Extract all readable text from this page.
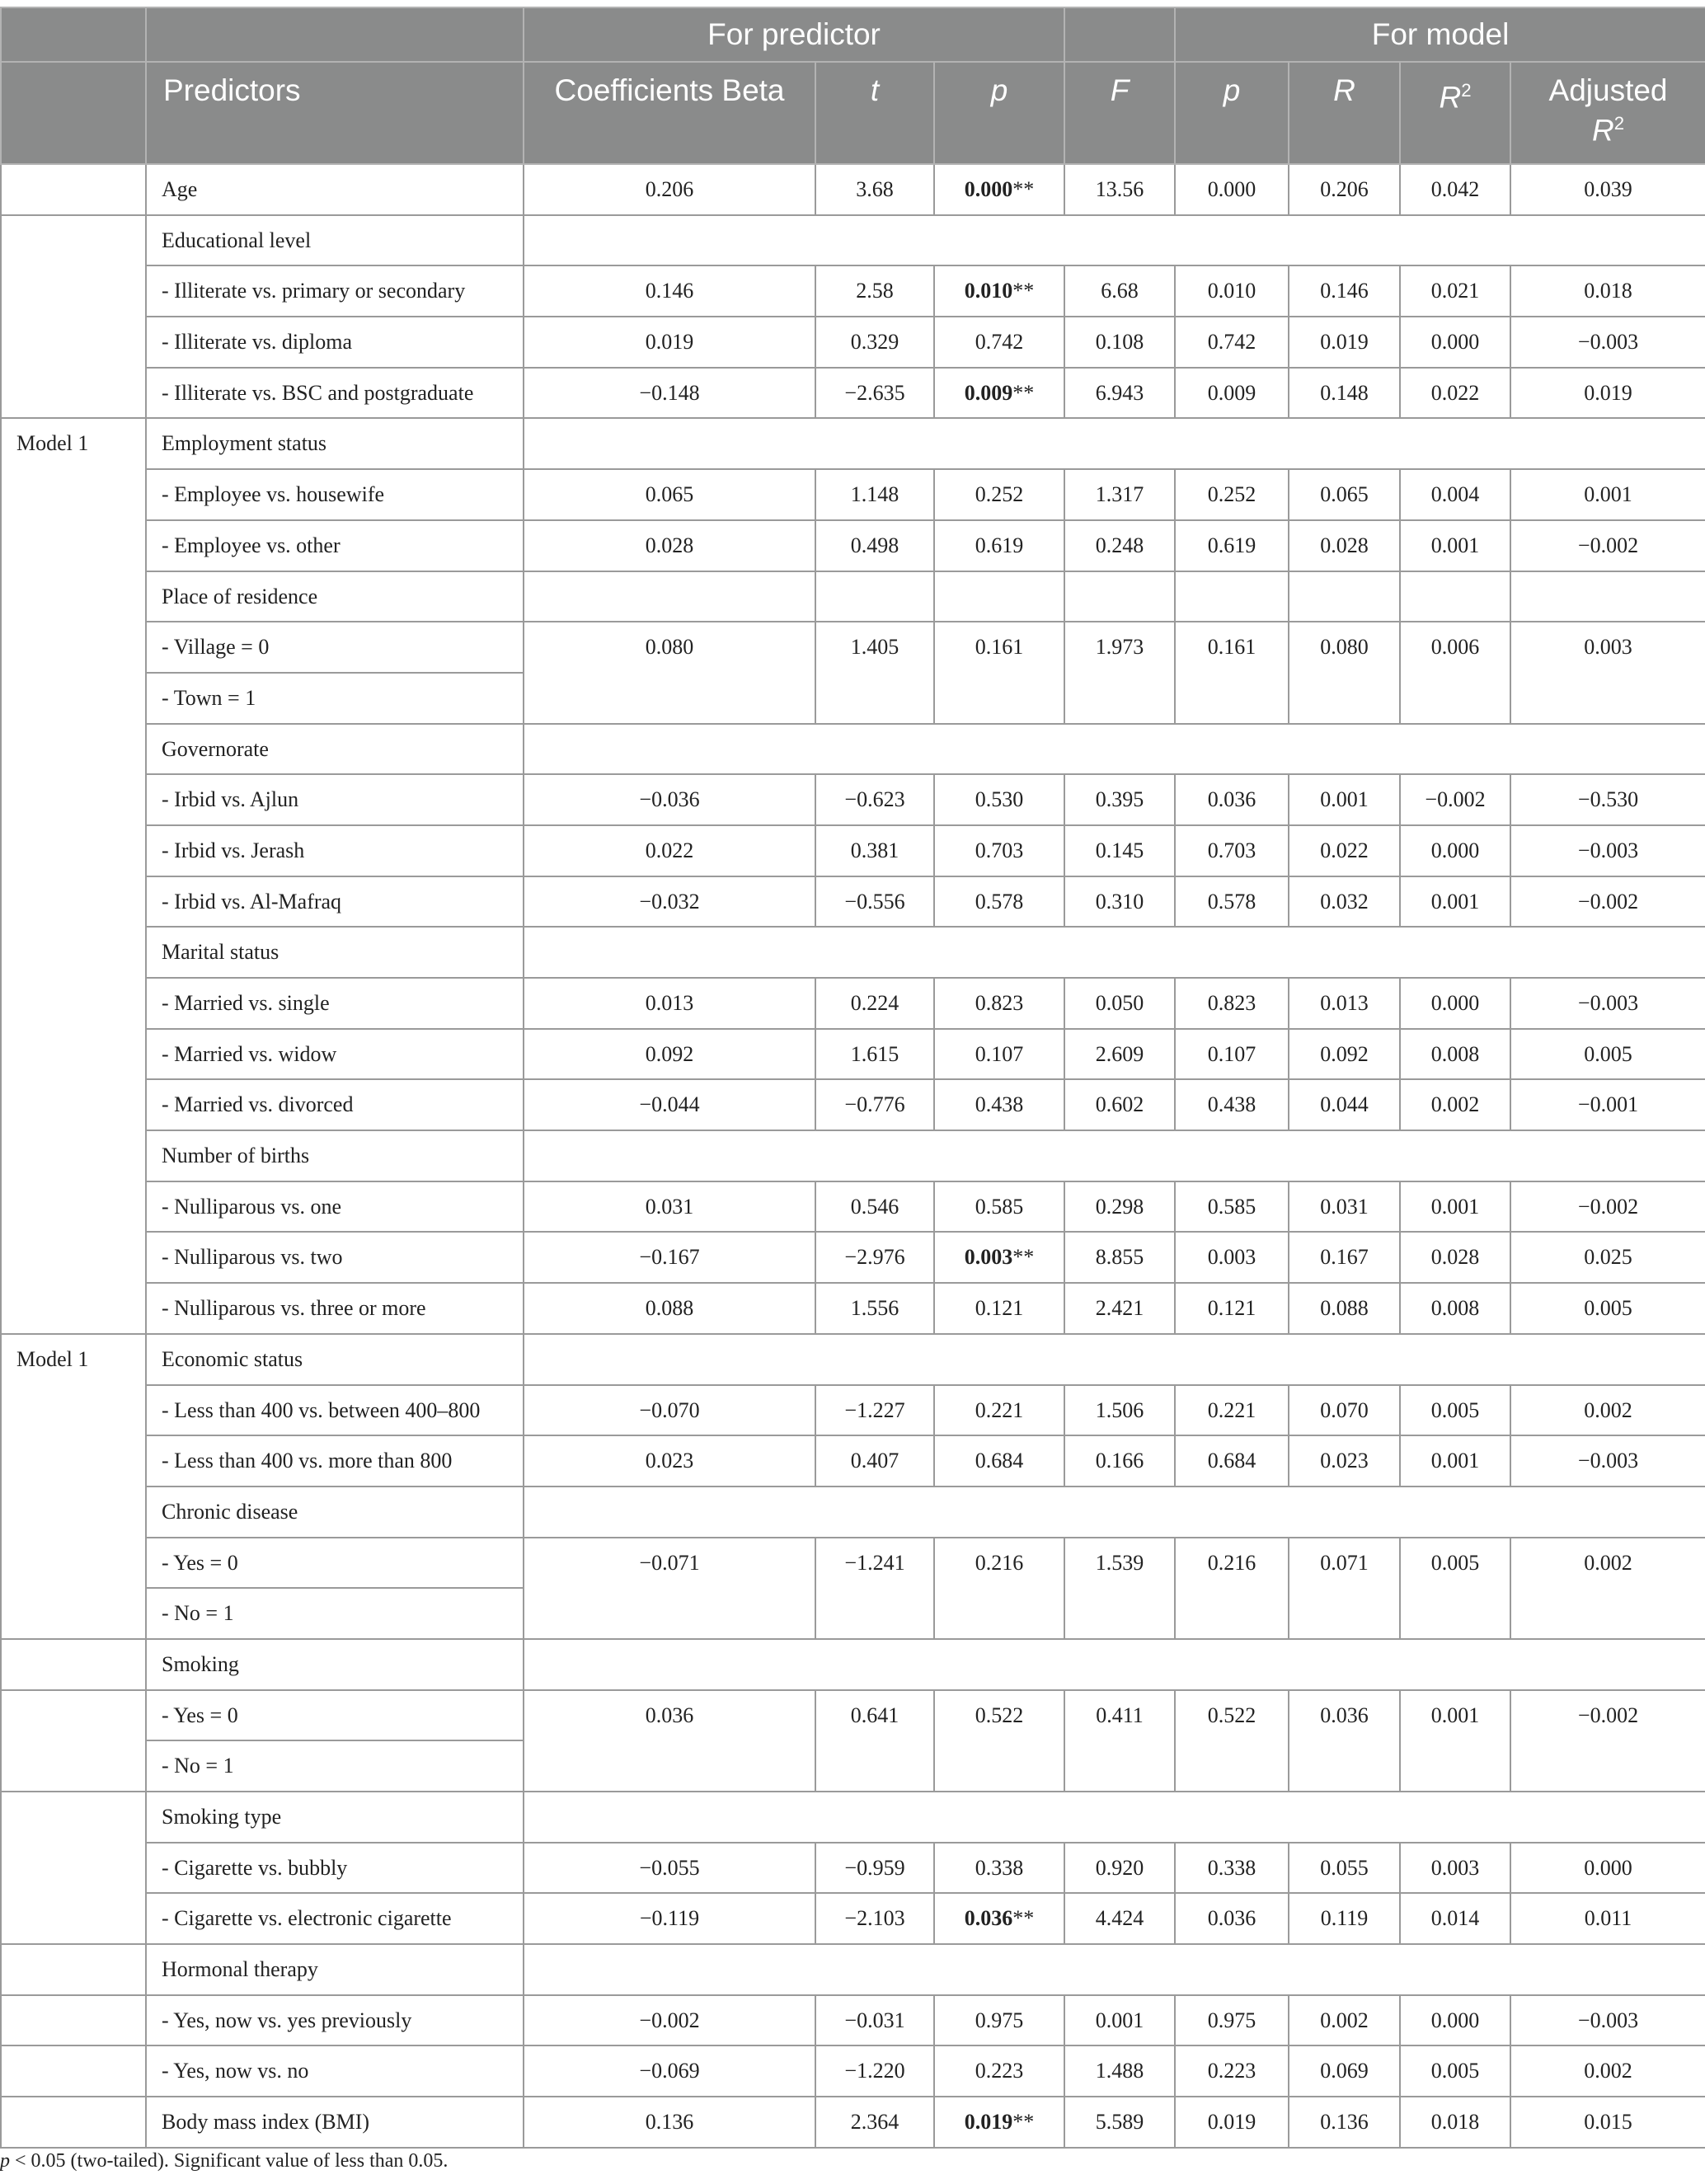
		For predictor				For model			
	Predictors	Coefficients Beta	t	p	F	p	R	$R^2$	Adjusted
$R^2$
	Age	0.206	3.68	0.000**	13.56	0.000	0.206	0.042	0.039
	Educational level								
	- Illiterate vs. primary or secondary	0.146	2.58	0.010**	6.68	0.010	0.146	0.021	0.018
	- Illiterate vs. diploma	0.019	0.329	0.742	0.108	0.742	0.019	0.000	−0.003
	- Illiterate vs. BSC and postgraduate	−0.148	−2.635	0.009**	6.943	0.009	0.148	0.022	0.019
Model 1	Employment status								
	- Employee vs. housewife	0.065	1.148	0.252	1.317	0.252	0.065	0.004	0.001
	- Employee vs. other	0.028	0.498	0.619	0.248	0.619	0.028	0.001	−0.002
	Place of residence								
	- Village = 0	0.080	1.405	0.161	1.973	0.161	0.080	0.006	0.003
	- Town = 1								
	Governorate								
	- Irbid vs. Ajlun	−0.036	−0.623	0.530	0.395	0.036	0.001	−0.002	−0.530
	- Irbid vs. Jerash	0.022	0.381	0.703	0.145	0.703	0.022	0.000	−0.003
	- Irbid vs. Al-Mafraq	−0.032	−0.556	0.578	0.310	0.578	0.032	0.001	−0.002
	Marital status								
	- Married vs. single	0.013	0.224	0.823	0.050	0.823	0.013	0.000	−0.003
	- Married vs. widow	0.092	1.615	0.107	2.609	0.107	0.092	0.008	0.005
	- Married vs. divorced	−0.044	−0.776	0.438	0.602	0.438	0.044	0.002	−0.001
	Number of births								
	- Nulliparous vs. one	0.031	0.546	0.585	0.298	0.585	0.031	0.001	−0.002
	- Nulliparous vs. two	−0.167	−2.976	0.003**	8.855	0.003	0.167	0.028	0.025
	- Nulliparous vs. three or more	0.088	1.556	0.121	2.421	0.121	0.088	0.008	0.005
Model 1	Economic status								
	- Less than 400 vs. between 400–800	−0.070	−1.227	0.221	1.506	0.221	0.070	0.005	0.002
	- Less than 400 vs. more than 800	0.023	0.407	0.684	0.166	0.684	0.023	0.001	−0.003
	Chronic disease								
	- Yes = 0	−0.071	−1.241	0.216	1.539	0.216	0.071	0.005	0.002
	- No = 1								
	Smoking								
	- Yes = 0	0.036	0.641	0.522	0.411	0.522	0.036	0.001	−0.002
	- No = 1								
	Smoking type								
	- Cigarette vs. bubbly	−0.055	−0.959	0.338	0.920	0.338	0.055	0.003	0.000
	- Cigarette vs. electronic cigarette	−0.119	−2.103	0.036**	4.424	0.036	0.119	0.014	0.011
	Hormonal therapy								
	- Yes, now vs. yes previously	−0.002	−0.031	0.975	0.001	0.975	0.002	0.000	−0.003
	- Yes, now vs. no	−0.069	−1.220	0.223	1.488	0.223	0.069	0.005	0.002
	Body mass index (BMI)	0.136	2.364	0.019**	5.589	0.019	0.136	0.018	0.015
p < 0.05 (two-tailed). Significant value of less than 0.05.
